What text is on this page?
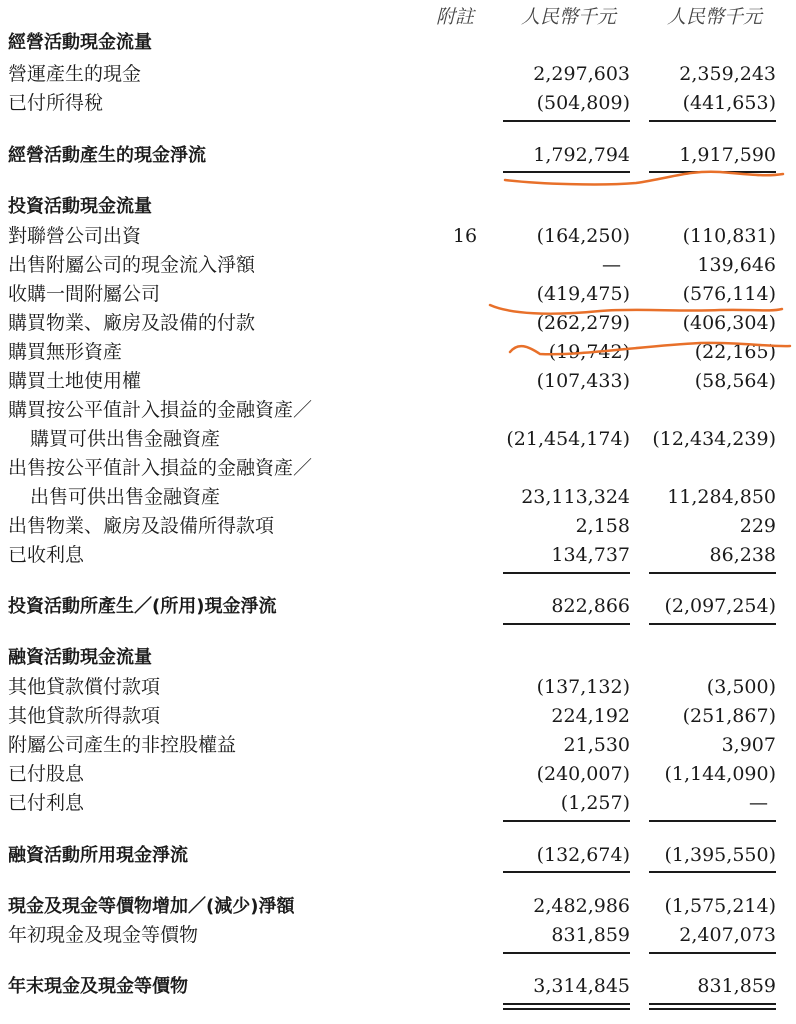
附註 人民幣千元	人民幣千元
經營活動現金流量
營運產生的現金	2,297,603	2,359,243
已付所得稅	(504,809)	(441,653)
經營活動產生的現金淨流	1,792,794	1,917,590
投資活動現金流量
對聯營公司出資	16	(164,250)	(110,831)
出售附屬公司的現金流入淨額	—	139,646
收購一間附屬公司	(419,475)	(576,114)
購買物業、廠房及設備的付款	(262,279)	(406,304)
購買無形資產	(19,742)	(22,165)
購買土地使用權	(107,433)	(58,564)
購買按公平值計入損益的金融資產／
購買可供出售金融資產	(21,454,174) (12,434,239)
出售按公平值計入損益的金融資產／
出售可供出售金融資產	23,113,324 11,284,850
出售物業、廠房及設備所得款項	2,158	229
已收利息	134,737	86,238
投資活動所產生／(所用)現金淨流	822,866 (2,097,254)
融資活動現金流量
其他貸款償付款項	(137,132)	(3,500)
其他貸款所得款項	224,192	(251,867)
附屬公司產生的非控股權益	21,530	3,907
已付股息	(240,007) (1,144,090)
已付利息	(1,257)	—
融資活動所用現金淨流	(132,674) (1,395,550)
現金及現金等價物增加／(減少)淨額	2,482,986 (1,575,214)
年初現金及現金等價物	831,859	2,407,073
年末現金及現金等價物	3,314,845	831,859
